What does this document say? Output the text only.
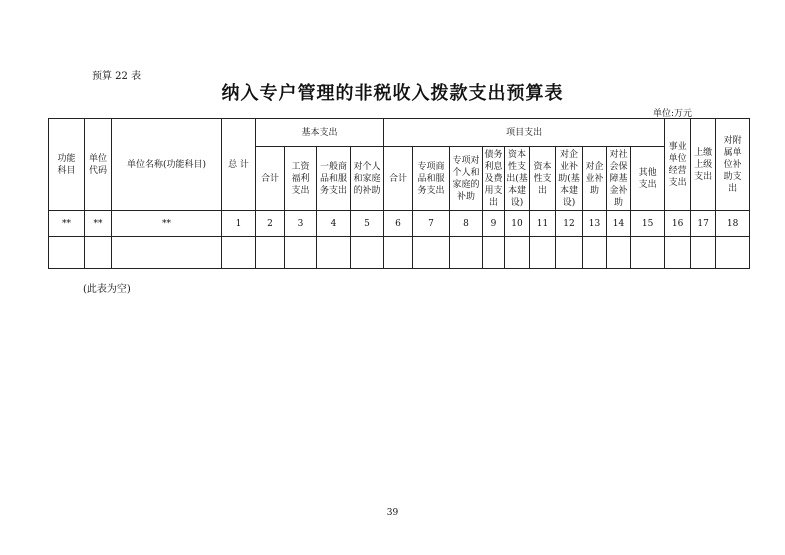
预算 22 表
纳入专户管理的非税收入拨款支出预算表
单位:万元
功能科目	单位代码	单位名称(功能科目)	总 计	基本支出				项目支出										事业单位经营支出	上缴上级支出	对附属单位补助支出

				合计	工资福利支出	一般商品和服务支出	对个人和家庭的补助	合计	专项商品和服务支出	专项对个人和家庭的补助	债务利息及费用支出	资本性支出(基本建设)	资本性支出	对企业补助(基本建设)	对企业补助	对社会保障基金补助	其他支出			

**	**	**	1	2	3	4	5	6	7	8	9	10	11	12	13	14	15	16	17	18

(此表为空)
39
